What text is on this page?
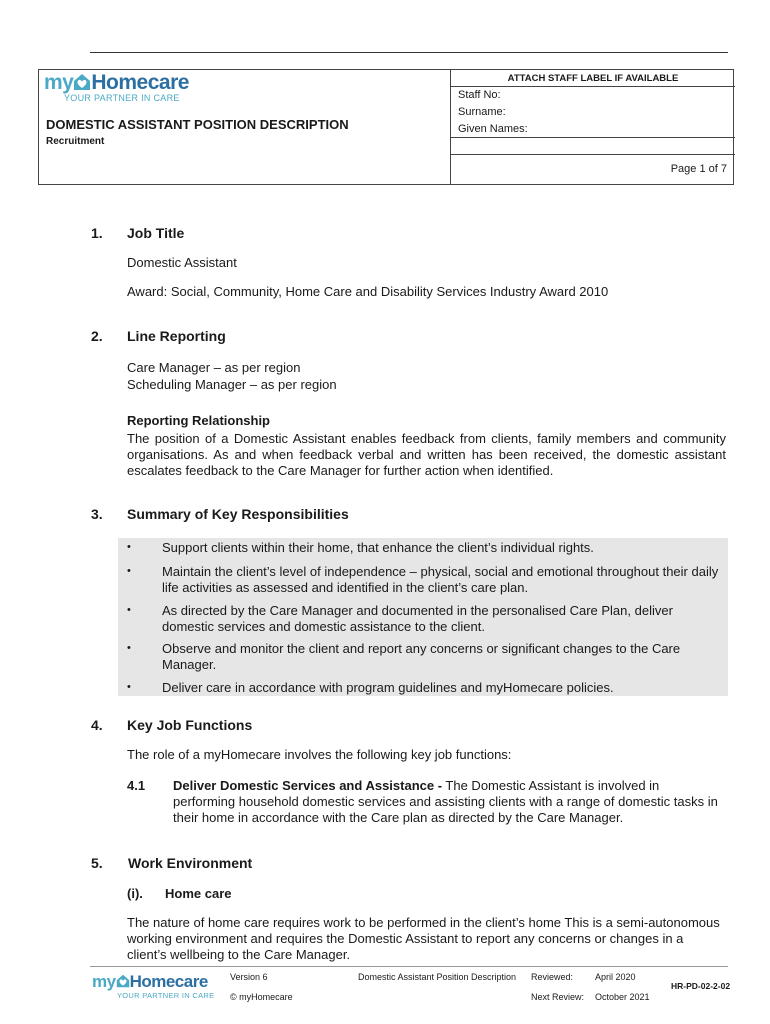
ATTACH STAFF LABEL IF AVAILABLE
Staff No:
Surname:
Given Names:
Page 1 of 7
my Homecare
YOUR PARTNER IN CARE
DOMESTIC ASSISTANT POSITION DESCRIPTION
Recruitment
1. Job Title
Domestic Assistant
Award: Social, Community, Home Care and Disability Services Industry Award 2010
2. Line Reporting
Care Manager – as per region
Scheduling Manager – as per region
Reporting Relationship
The position of a Domestic Assistant enables feedback from clients, family members and community organisations. As and when feedback verbal and written has been received, the domestic assistant escalates feedback to the Care Manager for further action when identified.
3. Summary of Key Responsibilities
• Support clients within their home, that enhance the client’s individual rights.
• Maintain the client’s level of independence – physical, social and emotional throughout their daily life activities as assessed and identified in the client’s care plan.
• As directed by the Care Manager and documented in the personalised Care Plan, deliver domestic services and domestic assistance to the client.
• Observe and monitor the client and report any concerns or significant changes to the Care Manager.
• Deliver care in accordance with program guidelines and myHomecare policies.
4. Key Job Functions
The role of a myHomecare involves the following key job functions:
4.1 Deliver Domestic Services and Assistance - The Domestic Assistant is involved in performing household domestic services and assisting clients with a range of domestic tasks in their home in accordance with the Care plan as directed by the Care Manager.
5. Work Environment
(i). Home care
The nature of home care requires work to be performed in the client’s home This is a semi-autonomous working environment and requires the Domestic Assistant to report any concerns or changes in a client’s wellbeing to the Care Manager.
my Homecare
YOUR PARTNER IN CARE
Version 6
© myHomecare
Domestic Assistant Position Description Reviewed: April 2020
Next Review: October 2021
HR-PD-02-2-02
